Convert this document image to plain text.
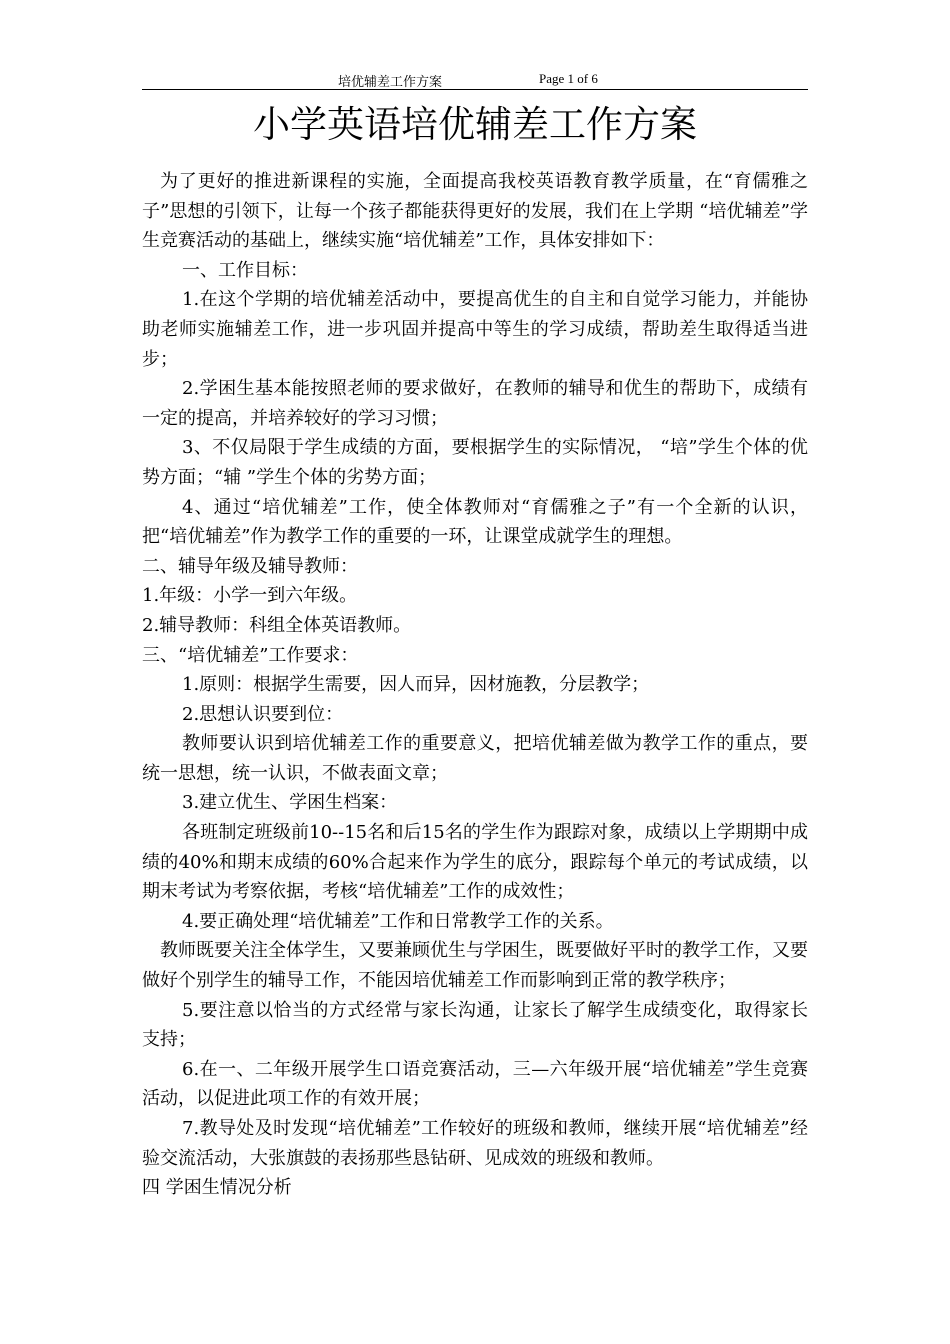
培优辅差工作方案	Page 1 of 6
小学英语培优辅差工作方案

为了更好的推进新课程的实施，全面提高我校英语教育教学质量，在“育儒雅之子”思想的引领下，让每一个孩子都能获得更好的发展，我们在上学期 “培优辅差”学生竞赛活动的基础上，继续实施“培优辅差”工作，具体安排如下：

一、工作目标：

1.在这个学期的培优辅差活动中，要提高优生的自主和自觉学习能力，并能协助老师实施辅差工作，进一步巩固并提高中等生的学习成绩，帮助差生取得适当进步；

2.学困生基本能按照老师的要求做好，在教师的辅导和优生的帮助下，成绩有一定的提高，并培养较好的学习习惯；

3、不仅局限于学生成绩的方面，要根据学生的实际情况， “培”学生个体的优势方面；“辅 ”学生个体的劣势方面；

4、通过“培优辅差”工作，使全体教师对“育儒雅之子”有一个全新的认识，把“培优辅差”作为教学工作的重要的一环，让课堂成就学生的理想。

二、辅导年级及辅导教师：

1.年级：小学一到六年级。

2.辅导教师：科组全体英语教师。

三、“培优辅差”工作要求：

1.原则：根据学生需要，因人而异，因材施教，分层教学；

2.思想认识要到位：

教师要认识到培优辅差工作的重要意义，把培优辅差做为教学工作的重点，要统一思想，统一认识，不做表面文章；

3.建立优生、学困生档案：

各班制定班级前10--15名和后15名的学生作为跟踪对象，成绩以上学期期中成绩的40%和期末成绩的60%合起来作为学生的底分，跟踪每个单元的考试成绩，以期末考试为考察依据，考核“培优辅差”工作的成效性；

4.要正确处理“培优辅差”工作和日常教学工作的关系。

教师既要关注全体学生，又要兼顾优生与学困生，既要做好平时的教学工作，又要做好个别学生的辅导工作，不能因培优辅差工作而影响到正常的教学秩序；

5.要注意以恰当的方式经常与家长沟通，让家长了解学生成绩变化，取得家长支持；

6.在一、二年级开展学生口语竞赛活动，三—六年级开展“培优辅差”学生竞赛活动，以促进此项工作的有效开展；

7.教导处及时发现“培优辅差”工作较好的班级和教师，继续开展“培优辅差”经验交流活动，大张旗鼓的表扬那些恳钻研、见成效的班级和教师。

四 学困生情况分析
